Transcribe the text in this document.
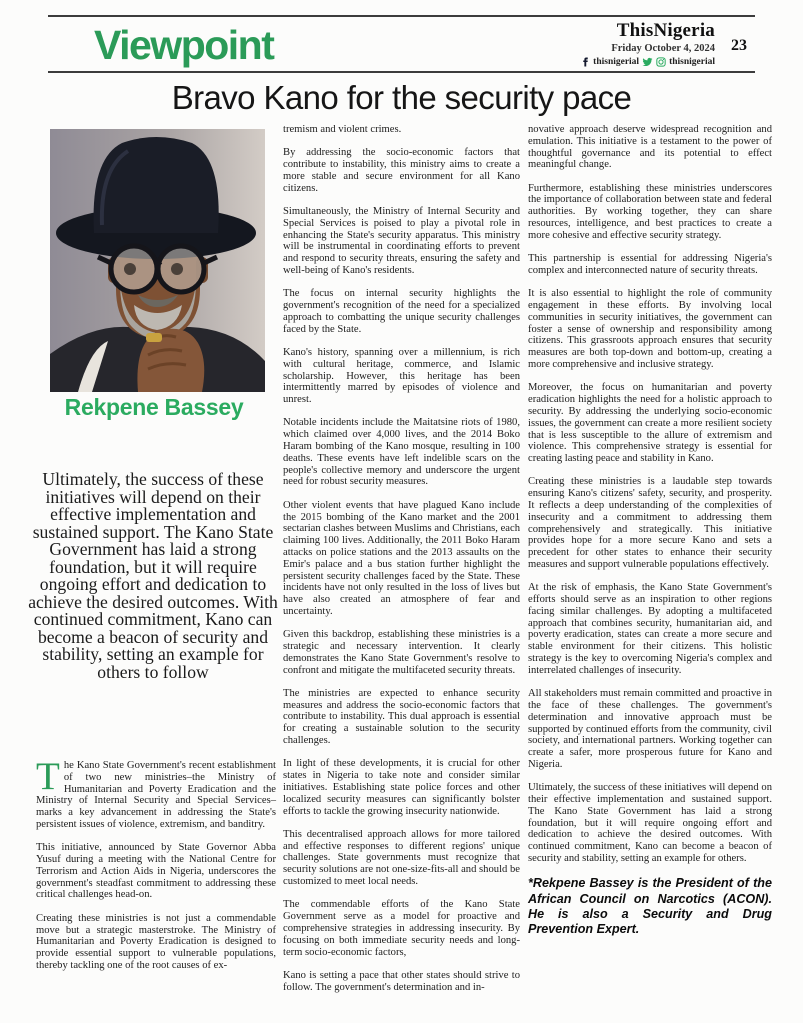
Viewpoint	ThisNigeria
Friday October 4, 2024
thisnigerial	thisnigerial
23
Bravo Kano for the security pace
Rekpene Bassey
Ultimately, the success of these initiatives will depend on their effective implementation and sustained support. The Kano State Government has laid a strong foundation, but it will require ongoing effort and dedication to achieve the desired outcomes. With continued commitment, Kano can become a beacon of security and stability, setting an example for others to follow

The Kano State Government's recent establishment of two new ministries–the Ministry of Humanitarian and Poverty Eradication and the Ministry of Internal Security and Special Services–marks a key advancement in addressing the State's persistent issues of violence, extremism, and banditry.

This initiative, announced by State Governor Abba Yusuf during a meeting with the National Centre for Terrorism and Action Aids in Nigeria, underscores the government's steadfast commitment to addressing these critical challenges head-on.

Creating these ministries is not just a commendable move but a strategic masterstroke. The Ministry of Humanitarian and Poverty Eradication is designed to provide essential support to vulnerable populations, thereby tackling one of the root causes of ex-

tremism and violent crimes.

By addressing the socio-economic factors that contribute to instability, this ministry aims to create a more stable and secure environment for all Kano citizens.

Simultaneously, the Ministry of Internal Security and Special Services is poised to play a pivotal role in enhancing the State's security apparatus. This ministry will be instrumental in coordinating efforts to prevent and respond to security threats, ensuring the safety and well-being of Kano's residents.

The focus on internal security highlights the government's recognition of the need for a specialized approach to combatting the unique security challenges faced by the State.

Kano's history, spanning over a millennium, is rich with cultural heritage, commerce, and Islamic scholarship. However, this heritage has been intermittently marred by episodes of violence and unrest.

Notable incidents include the Maitatsine riots of 1980, which claimed over 4,000 lives, and the 2014 Boko Haram bombing of the Kano mosque, resulting in 100 deaths. These events have left indelible scars on the people's collective memory and underscore the urgent need for robust security measures.

Other violent events that have plagued Kano include the 2015 bombing of the Kano market and the 2001 sectarian clashes between Muslims and Christians, each claiming 100 lives. Additionally, the 2011 Boko Haram attacks on police stations and the 2013 assaults on the Emir's palace and a bus station further highlight the persistent security challenges faced by the State. These incidents have not only resulted in the loss of lives but have also created an atmosphere of fear and uncertainty.

Given this backdrop, establishing these ministries is a strategic and necessary intervention. It clearly demonstrates the Kano State Government's resolve to confront and mitigate the multifaceted security threats.

The ministries are expected to enhance security measures and address the socio-economic factors that contribute to instability. This dual approach is essential for creating a sustainable solution to the security challenges.

In light of these developments, it is crucial for other states in Nigeria to take note and consider similar initiatives. Establishing state police forces and other localized security measures can significantly bolster efforts to tackle the growing insecurity nationwide.

This decentralised approach allows for more tailored and effective responses to different regions' unique challenges. State governments must recognize that security solutions are not one-size-fits-all and should be customized to meet local needs.

The commendable efforts of the Kano State Government serve as a model for proactive and comprehensive strategies in addressing insecurity. By focusing on both immediate security needs and long-term socio-economic factors,

Kano is setting a pace that other states should strive to follow. The government's determination and in-

novative approach deserve widespread recognition and emulation. This initiative is a testament to the power of thoughtful governance and its potential to effect meaningful change.

Furthermore, establishing these ministries underscores the importance of collaboration between state and federal authorities. By working together, they can share resources, intelligence, and best practices to create a more cohesive and effective security strategy.

This partnership is essential for addressing Nigeria's complex and interconnected nature of security threats.

It is also essential to highlight the role of community engagement in these efforts. By involving local communities in security initiatives, the government can foster a sense of ownership and responsibility among citizens. This grassroots approach ensures that security measures are both top-down and bottom-up, creating a more comprehensive and inclusive strategy.

Moreover, the focus on humanitarian and poverty eradication highlights the need for a holistic approach to security. By addressing the underlying socio-economic issues, the government can create a more resilient society that is less susceptible to the allure of extremism and violence. This comprehensive strategy is essential for creating lasting peace and stability in Kano.

Creating these ministries is a laudable step towards ensuring Kano's citizens' safety, security, and prosperity. It reflects a deep understanding of the complexities of insecurity and a commitment to addressing them comprehensively and strategically. This initiative provides hope for a more secure Kano and sets a precedent for other states to enhance their security measures and support vulnerable populations effectively.

At the risk of emphasis, the Kano State Government's efforts should serve as an inspiration to other regions facing similar challenges. By adopting a multifaceted approach that combines security, humanitarian aid, and poverty eradication, states can create a more secure and stable environment for their citizens. This holistic strategy is the key to overcoming Nigeria's complex and interrelated challenges of insecurity.

All stakeholders must remain committed and proactive in the face of these challenges. The government's determination and innovative approach must be supported by continued efforts from the community, civil society, and international partners. Working together can create a safer, more prosperous future for Kano and Nigeria.

Ultimately, the success of these initiatives will depend on their effective implementation and sustained support. The Kano State Government has laid a strong foundation, but it will require ongoing effort and dedication to achieve the desired outcomes. With continued commitment, Kano can become a beacon of security and stability, setting an example for others.

*Rekpene Bassey is the President of the African Council on Narcotics (ACON). He is also a Security and Drug Prevention Expert.
